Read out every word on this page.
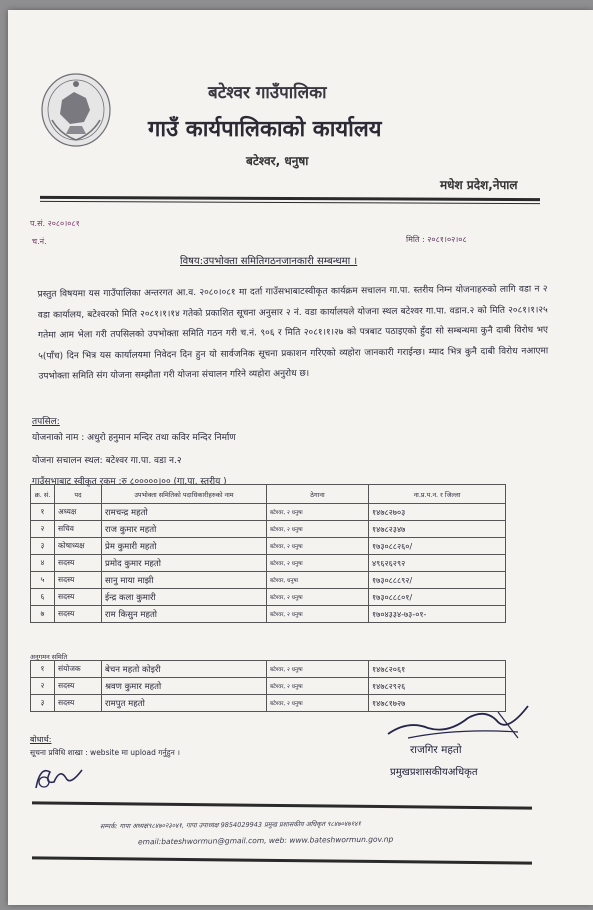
बटेश्वर गाउँपालिका
गाउँ कार्यपालिकाको कार्यालय
बटेश्वर, धनुषा
मधेश प्रदेश,नेपाल
प.सं. २०८०।०८१
च.नं.	मिति : २०८१।०२।०८
विषय:उपभोक्ता समितिगठनजानकारी सम्बन्धमा ।
प्रस्तुत विषयमा यस गाउँपालिका अन्तरगत आ.व. २०८०।०८१ मा दर्ता गाउँसभाबाटस्वीकृत कार्यक्रम सचालन गा.पा. स्तरीय निम्न योजनाहरुको लागि वडा न २ वडा कार्यालय, बटेश्वरको मिति २०८१।१।१४ गतेको प्रकाशित सूचना अनुसार २ नं. वडा कार्यालयले योजना स्थल बटेश्वर गा.पा. वडान.२ को मिति २०८१।१।२५ गतेमा आम भेला गरी तपसिलको उपभोक्ता समिति गठन गरी च.नं. ९०६ र मिति २०८१।१।२७ को पत्रबाट पठाइएको हुँदा सो सम्बन्धमा कुनै दाबी विरोध भए ५(पाँच) दिन भित्र यस कार्यालयमा निवेदन दिन हुन यो सार्वजनिक सूचना प्रकाशन गरिएको व्यहोरा जानकारी गराईन्छ। म्याद भित्र कुनै दाबी विरोध नआएमा उपभोक्ता समिति संग योजना सम्झौता गरी योजना संचालन गरिने व्यहोरा अनुरोध छ।
तपसिल:
योजनाको नाम : अधुरो हनुमान मन्दिर तथा कविर मन्दिर निर्माण
योजना सचालन स्थल: बटेश्वर गा.पा. वडा न.२
गाउँसभाबाट स्वीकृत रकम :रु ८०००००।०० (गा.पा. स्तरीय )
क्र. सं.	पद	उपभोक्ता समितिको पदाधिकारीहरुको नाम	ठेगाना	ना.प्र.प.न. र जिल्ला
१	अध्यक्ष	रामचन्द्र महतो	बटेश्वर, २ धनुषा	१४७८२७०३
२	सचिव	राज कुमार महतो	बटेश्वर, २ धनुषा	१४७८२३४७
३	कोषाध्यक्ष	प्रेम कुमारी महतो	बटेश्वर, २ धनुषा	१७३०८८२६०/
४	सदस्य	प्रमोद कुमार महतो	बटेश्वर, २ धनुषा	४९६२६२९२
५	सदस्य	सानु माया माझी	बटेश्वर, धनुषा	१७३०८८८९२/
६	सदस्य	ईन्द्र कला कुमारी	बटेश्वर, २ धनुषा	१७३०८८८०१/
७	सदस्य	राम किसुन महतो	बटेश्वर, २ धनुषा	१७०४३३४-७३-०१-
अनुगमन समिति
१	संयोजक	बेचन महतो कोइरी	बटेश्वर, २ धनुषा	१४७८२०६१
२	सदस्य	श्रवण कुमार महतो	बटेश्वर, २ धनुषा	१४७८२९२६
३	सदस्य	रामपुत महतो	बटेश्वर, २ धनुषा	१४७८१७२७
बोधार्थ:
सूचना प्रविधि शाखा : website मा upload गर्नुहुन ।	राजगिर महतो
प्रमुखप्रशासकीयअधिकृत
सम्पर्क: गापा अध्यक्ष९८४७०२३०४१, गापा उपाध्यक्ष 9854029943 प्रमुख प्रशासकीय अधिकृत ९८४७०४७१४१
email:bateshwormun@gmail.com, web: www.bateshwormun.gov.np
